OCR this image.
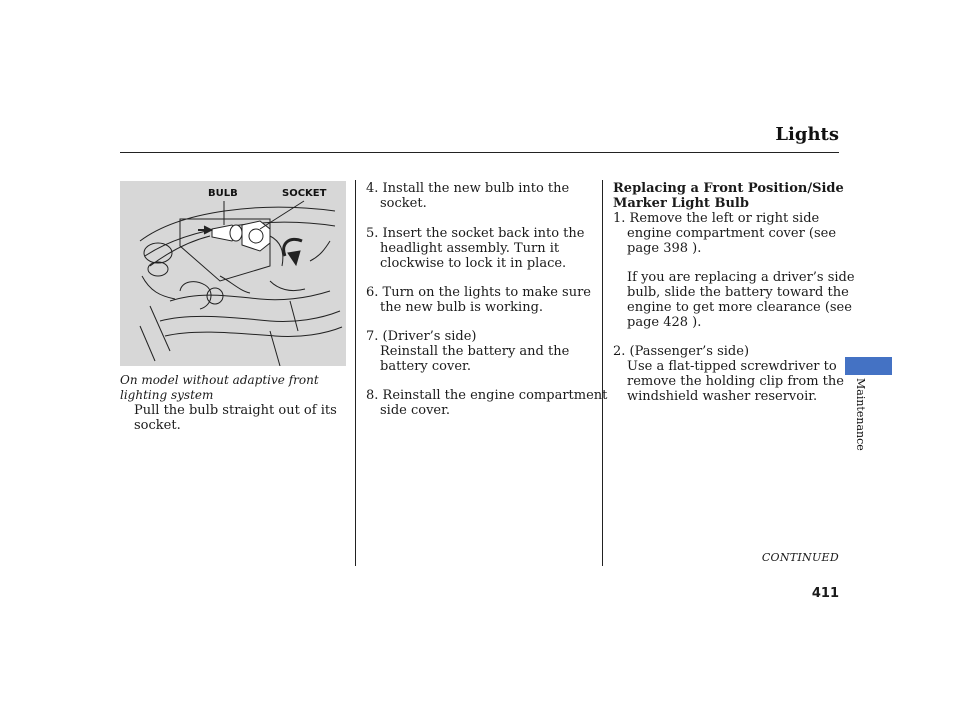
Lights
BULB	SOCKET
On model without adaptive front lighting system
Pull the bulb straight out of its
socket.
4. Install the new bulb into the
socket.
5. Insert the socket back into the
headlight assembly. Turn it
clockwise to lock it in place.
6. Turn on the lights to make sure
the new bulb is working.
7. (Driver’s side)
Reinstall the battery and the
battery cover.
8. Reinstall the engine compartment
side cover.
Replacing a Front Position/Side
Marker Light Bulb
1. Remove the left or right side
engine compartment cover (see
page 398 ).
If you are replacing a driver’s side
bulb, slide the battery toward the
engine to get more clearance (see
page 428 ).
2. (Passenger’s side)
Use a flat-tipped screwdriver to
remove the holding clip from the
windshield washer reservoir.	Maintenance
CONTINUED
411
